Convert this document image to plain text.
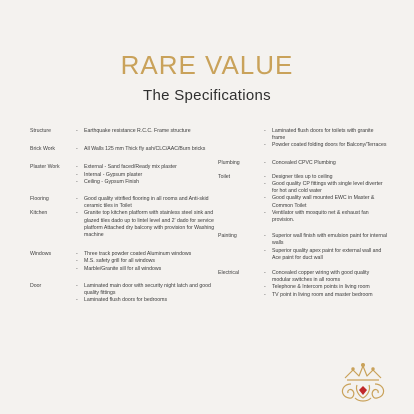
RARE VALUE
The Specifications
Structure	- Earthquake resistance R.C.C. Frame structure
Brick Work	- All Walls 125 mm Thick fly ash/CLC/AAC/Burn bricks
Plaster Work	- External - Sand faced/Ready mix plaster
- Internal - Gypsum plaster
- Ceiling - Gypsum Finish
Flooring	- Good quality vitrified flooring in all rooms and Anti-skid ceramic tiles in Toilet
Kitchen	- Granite top kitchen platform with stainless steel sink and glazed tiles dado up to lintel level and 2' dado for service platform Attached dry balcony with provision for Washing machine
Windows	- Three track powder coated Aluminum windows
- M.S. safety grill for all windows
- Marble/Granite sill for all windows
Door	- Laminated main door with security night latch and good quality fittings
- Laminated flush doors for bedrooms
- Laminated flush doors for toilets with granite frame
- Powder coated folding doors for Balcony/Terraces
Plumbing	- Concealed CPVC Plumbing
Toilet	- Designer tiles up to ceiling
- Good quality CP fittings with single level diverter for hot and cold water
- Good quality wall mounted EWC in Master & Common Toilet
- Ventilator with mosquito net & exhaust fan provision.
Painting	- Superior wall finish with emulsion paint for internal walls
- Superior quality apex paint for external wall and Ace paint for duct wall
Electrical	- Concealed copper wiring with good quality modular switches in all rooms
- Telephone & Intercom points in living room
- TV point in living room and master bedroom
